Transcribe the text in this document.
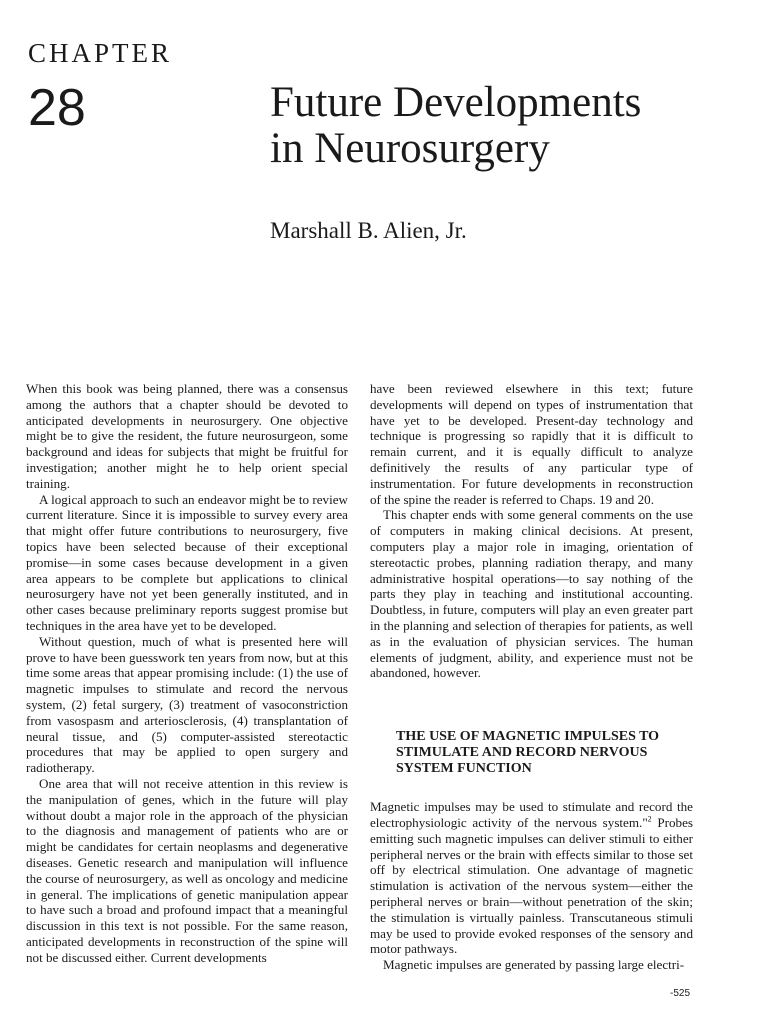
CHAPTER
28	Future Developments
in Neurosurgery
Marshall B. Alien, Jr.

When this book was being planned, there was a consensus among the authors that a chapter should be devoted to anticipated developments in neurosurgery. One objective might be to give the resident, the future neurosurgeon, some background and ideas for subjects that might be fruitful for investigation; another might he to help orient special training.

A logical approach to such an endeavor might be to review current literature. Since it is impossible to survey every area that might offer future contributions to neurosurgery, five topics have been selected because of their exceptional promise—in some cases because development in a given area appears to be complete but applications to clinical neurosurgery have not yet been generally instituted, and in other cases because preliminary reports suggest promise but techniques in the area have yet to be developed.

Without question, much of what is presented here will prove to have been guesswork ten years from now, but at this time some areas that appear promising include: (1) the use of magnetic impulses to stimulate and record the nervous system, (2) fetal surgery, (3) treatment of vasoconstriction from vasospasm and arteriosclerosis, (4) transplantation of neural tissue, and (5) computer-assisted stereotactic procedures that may be applied to open surgery and radiotherapy.

One area that will not receive attention in this review is the manipulation of genes, which in the future will play without doubt a major role in the approach of the physician to the diagnosis and management of patients who are or might be candidates for certain neoplasms and degenerative diseases. Genetic research and manipulation will influence the course of neurosurgery, as well as oncology and medicine in general. The implications of genetic manipulation appear to have such a broad and profound impact that a meaningful discussion in this text is not possible. For the same reason, anticipated developments in reconstruction of the spine will not be discussed either. Current developments

have been reviewed elsewhere in this text; future developments will depend on types of instrumentation that have yet to be developed. Present-day technology and technique is progressing so rapidly that it is difficult to remain current, and it is equally difficult to analyze definitively the results of any particular type of instrumentation. For future developments in reconstruction of the spine the reader is referred to Chaps. 19 and 20.

This chapter ends with some general comments on the use of computers in making clinical decisions. At present, computers play a major role in imaging, orientation of stereotactic probes, planning radiation therapy, and many administrative hospital operations—to say nothing of the parts they play in teaching and institutional accounting. Doubtless, in future, computers will play an even greater part in the planning and selection of therapies for patients, as well as in the evaluation of physician services. The human elements of judgment, ability, and experience must not be abandoned, however.

THE USE OF MAGNETIC IMPULSES TO STIMULATE AND RECORD NERVOUS SYSTEM FUNCTION

Magnetic impulses may be used to stimulate and record the electrophysiologic activity of the nervous system."$^2$ Probes emitting such magnetic impulses can deliver stimuli to either peripheral nerves or the brain with effects similar to those set off by electrical stimulation. One advantage of magnetic stimulation is activation of the nervous system—either the peripheral nerves or brain—without penetration of the skin; the stimulation is virtually painless. Transcutaneous stimuli may be used to provide evoked responses of the sensory and motor pathways.

Magnetic impulses are generated by passing large electri-

-525
